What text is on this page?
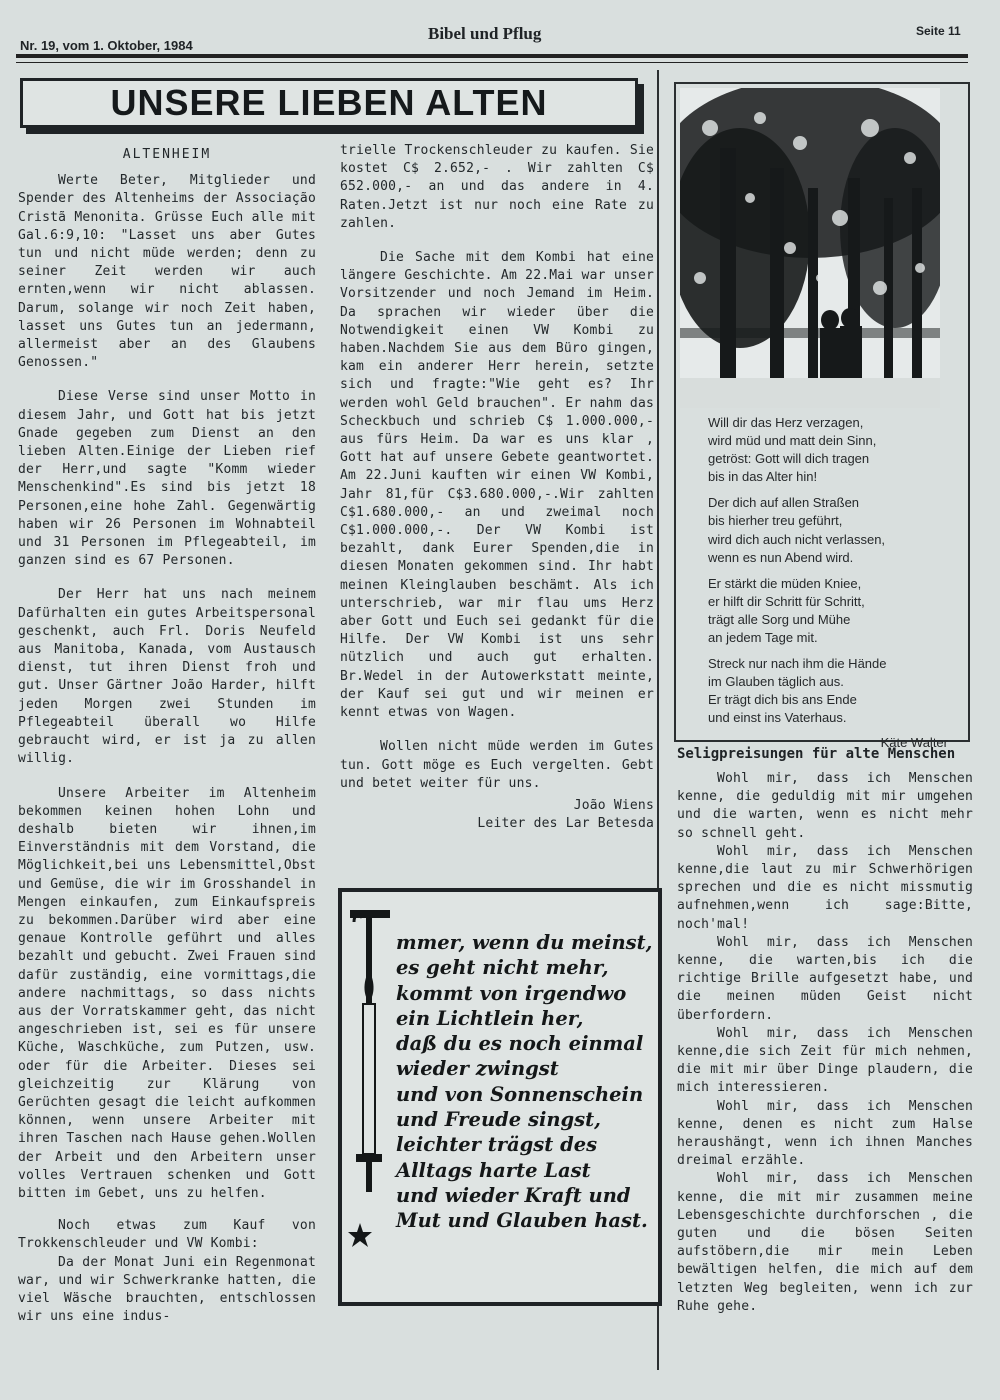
Nr. 19, vom 1. Oktober, 1984
Bibel und Pflug	Seite 11
UNSERE LIEBEN ALTEN
ALTENHEIM

Werte Beter, Mitglieder und Spender des Altenheims der Associação Cristã Menonita. Grüsse Euch alle mit Gal.6:9,10: "Lasset uns aber Gutes tun und nicht müde werden; denn zu seiner Zeit werden wir auch ernten,wenn wir nicht ablassen. Darum, solange wir noch Zeit haben, lasset uns Gutes tun an jedermann, allermeist aber an des Glaubens Genossen."

Diese Verse sind unser Motto in diesem Jahr, und Gott hat bis jetzt Gnade gegeben zum Dienst an den lieben Alten.Einige der Lieben rief der Herr,und sagte "Komm wieder Menschenkind".Es sind bis jetzt 18 Personen,eine hohe Zahl. Gegenwärtig haben wir 26 Personen im Wohnabteil und 31 Personen im Pflegeabteil, im ganzen sind es 67 Personen.

Der Herr hat uns nach meinem Dafürhalten ein gutes Arbeitspersonal geschenkt, auch Frl. Doris Neufeld aus Manitoba, Kanada, vom Austausch dienst, tut ihren Dienst froh und gut. Unser Gärtner João Harder, hilft jeden Morgen zwei Stunden im Pflegeabteil überall wo Hilfe gebraucht wird, er ist ja zu allen willig.

Unsere Arbeiter im Altenheim bekommen keinen hohen Lohn und deshalb bieten wir ihnen,im Einverständnis mit dem Vorstand, die Möglichkeit,bei uns Lebensmittel,Obst und Gemüse, die wir im Grosshandel in Mengen einkaufen, zum Einkaufspreis zu bekommen.Darüber wird aber eine genaue Kontrolle geführt und alles bezahlt und gebucht. Zwei Frauen sind dafür zuständig, eine vormittags,die andere nachmittags, so dass nichts aus der Vorratskammer geht, das nicht angeschrieben ist, sei es für unsere Küche, Waschküche, zum Putzen, usw. oder für die Arbeiter. Dieses sei gleichzeitig zur Klärung von Gerüchten gesagt die leicht aufkommen können, wenn unsere Arbeiter mit ihren Taschen nach Hause gehen.Wollen der Arbeit und den Arbeitern unser volles Vertrauen schenken und Gott bitten im Gebet, uns zu helfen.

Noch etwas zum Kauf von Trokkenschleuder und VW Kombi:

Da der Monat Juni ein Regenmonat war, und wir Schwerkranke hatten, die viel Wäsche brauchten, entschlossen wir uns eine indus-

trielle Trockenschleuder zu kaufen. Sie kostet C$ 2.652,- . Wir zahlten C$ 652.000,- an und das andere in 4. Raten.Jetzt ist nur noch eine Rate zu zahlen.

Die Sache mit dem Kombi hat eine längere Geschichte. Am 22.Mai war unser Vorsitzender und noch Jemand im Heim. Da sprachen wir wieder über die Notwendigkeit einen VW Kombi zu haben.Nachdem Sie aus dem Büro gingen, kam ein anderer Herr herein, setzte sich und fragte:"Wie geht es? Ihr werden wohl Geld brauchen". Er nahm das Scheckbuch und schrieb C$ 1.000.000,- aus fürs Heim. Da war es uns klar , Gott hat auf unsere Gebete geantwortet. Am 22.Juni kauften wir einen VW Kombi, Jahr 81,für C$3.680.000,-.Wir zahlten C$1.680.000,- an und zweimal noch C$1.000.000,-. Der VW Kombi ist bezahlt, dank Eurer Spenden,die in diesen Monaten gekommen sind. Ihr habt meinen Kleinglauben beschämt. Als ich unterschrieb, war mir flau ums Herz aber Gott und Euch sei gedankt für die Hilfe. Der VW Kombi ist uns sehr nützlich und auch gut erhalten. Br.Wedel in der Autowerkstatt meinte, der Kauf sei gut und wir meinen er kennt etwas von Wagen.

Wollen nicht müde werden im Gutes tun. Gott möge es Euch vergelten. Gebt und betet weiter für uns.

João Wiens
Leiter des Lar Betesda
Will dir das Herz verzagen,
wird müd und matt dein Sinn,
getröst: Gott will dich tragen
bis in das Alter hin!
Der dich auf allen Straßen
bis hierher treu geführt,
wird dich auch nicht verlassen,
wenn es nun Abend wird.
Er stärkt die müden Kniee,
er hilft dir Schritt für Schritt,
trägt alle Sorg und Mühe
an jedem Tage mit.
Streck nur nach ihm die Hände
im Glauben täglich aus.
Er trägt dich bis ans Ende
und einst ins Vaterhaus.
Käte Walter
Seligpreisungen für alte Menschen

Wohl mir, dass ich Menschen kenne, die geduldig mit mir umgehen und die warten, wenn es nicht mehr so schnell geht.

Wohl mir, dass ich Menschen kenne,die laut zu mir Schwerhörigen sprechen und die es nicht missmutig aufnehmen,wenn ich sage:Bitte, noch'mal!

Wohl mir, dass ich Menschen kenne, die warten,bis ich die richtige Brille aufgesetzt habe, und die meinen müden Geist nicht überfordern.

Wohl mir, dass ich Menschen kenne,die sich Zeit für mich nehmen, die mit mir über Dinge plaudern, die mich interessieren.

Wohl mir, dass ich Menschen kenne, denen es nicht zum Halse heraushängt, wenn ich ihnen Manches dreimal erzähle.

Wohl mir, dass ich Menschen kenne, die mit mir zusammen meine Lebensgeschichte durchforschen , die guten und die bösen Seiten aufstöbern,die mir mein Leben bewältigen helfen, die mich auf dem letzten Weg begleiten, wenn ich zur Ruhe gehe.

mmer, wenn du meinst,
es geht nicht mehr,
kommt von irgendwo
ein Lichtlein her,
daß du es noch einmal
wieder zwingst
und von Sonnenschein
und Freude singst,
leichter trägst des
Alltags harte Last
und wieder Kraft und
Mut und Glauben hast.
